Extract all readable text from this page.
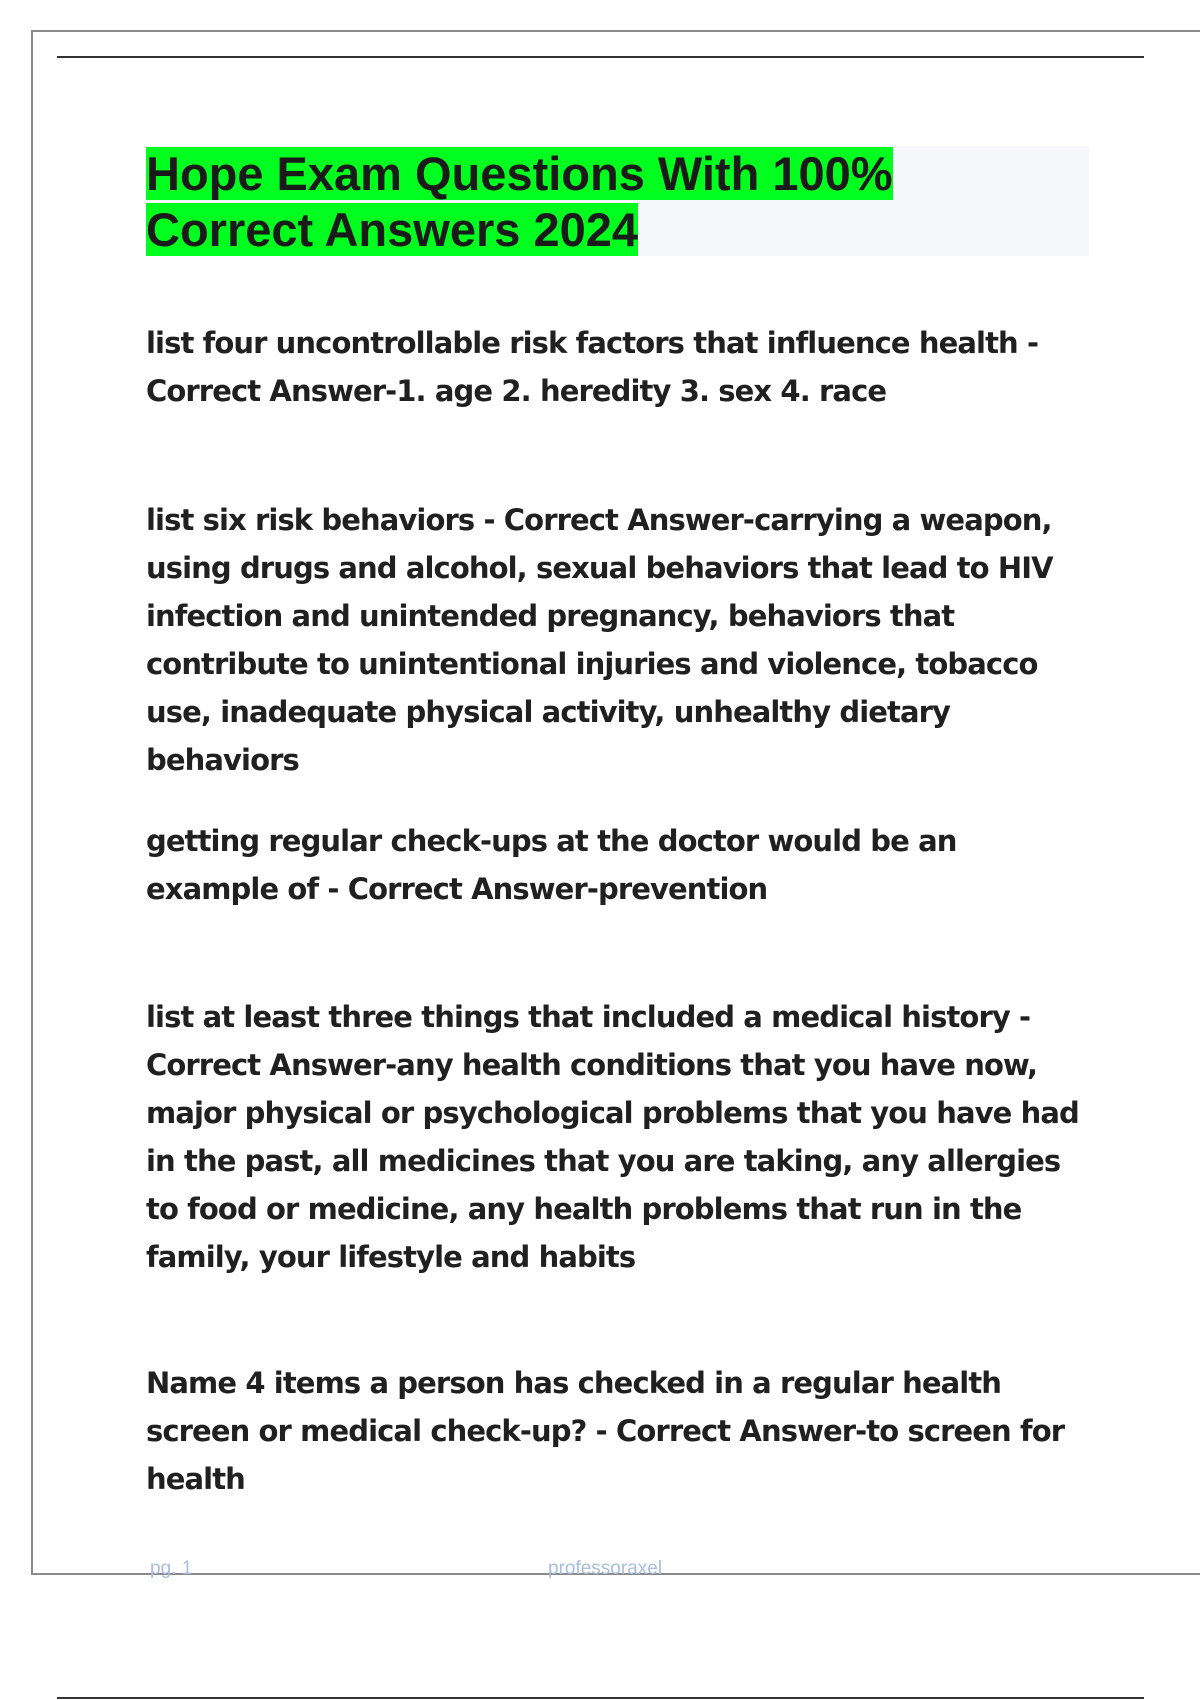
Hope Exam Questions With 100% Correct Answers 2024

list four uncontrollable risk factors that influence health - Correct Answer-1. age 2. heredity 3. sex 4. race

list six risk behaviors - Correct Answer-carrying a weapon, using drugs and alcohol, sexual behaviors that lead to HIV infection and unintended pregnancy, behaviors that contribute to unintentional injuries and violence, tobacco use, inadequate physical activity, unhealthy dietary behaviors

getting regular check-ups at the doctor would be an example of - Correct Answer-prevention

list at least three things that included a medical history - Correct Answer-any health conditions that you have now, major physical or psychological problems that you have had in the past, all medicines that you are taking, any allergies to food or medicine, any health problems that run in the family, your lifestyle and habits

Name 4 items a person has checked in a regular health screen or medical check-up? - Correct Answer-to screen for health

pg. 1	professoraxel
